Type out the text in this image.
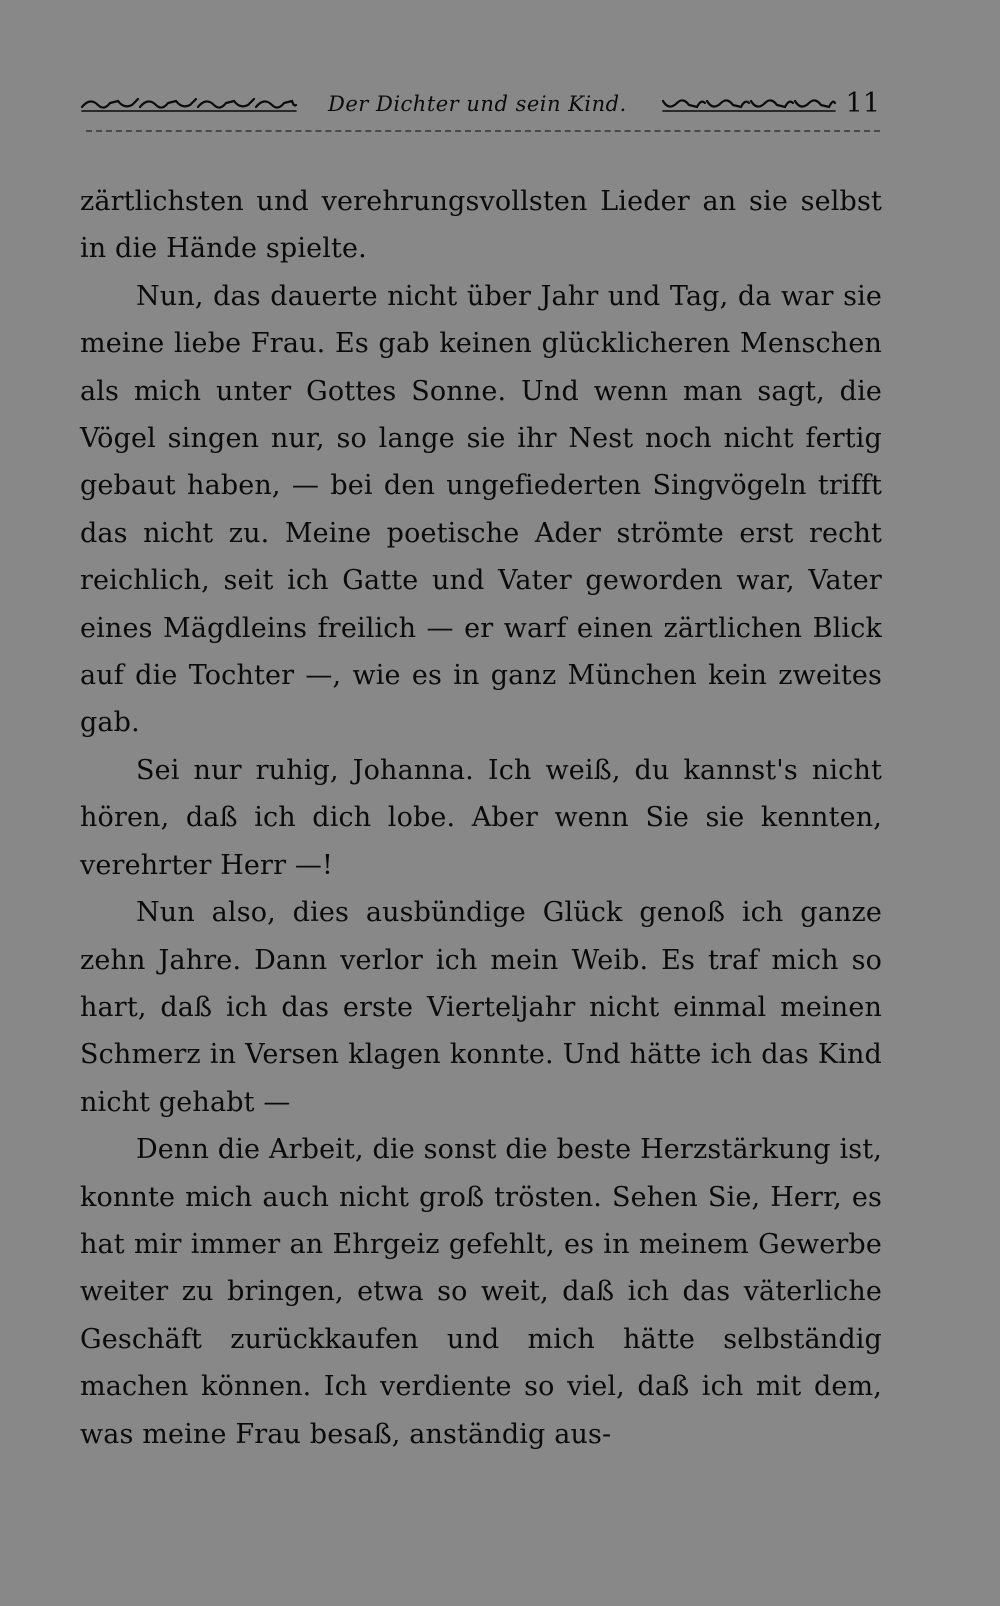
Der Dichter und sein Kind.	11

zärtlichsten und verehrungsvollsten Lieder an sie selbst in die Hände spielte.

Nun, das dauerte nicht über Jahr und Tag, da war sie meine liebe Frau. Es gab keinen glücklicheren Menschen als mich unter Gottes Sonne. Und wenn man sagt, die Vögel singen nur, so lange sie ihr Nest noch nicht fertig gebaut haben, — bei den ungefiederten Singvögeln trifft das nicht zu. Meine poetische Ader strömte erst recht reichlich, seit ich Gatte und Vater geworden war, Vater eines Mägdleins freilich — er warf einen zärtlichen Blick auf die Tochter —, wie es in ganz München kein zweites gab.

Sei nur ruhig, Johanna. Ich weiß, du kannst's nicht hören, daß ich dich lobe. Aber wenn Sie sie kennten, verehrter Herr —!

Nun also, dies ausbündige Glück genoß ich ganze zehn Jahre. Dann verlor ich mein Weib. Es traf mich so hart, daß ich das erste Vierteljahr nicht einmal meinen Schmerz in Versen klagen konnte. Und hätte ich das Kind nicht gehabt —

Denn die Arbeit, die sonst die beste Herzstärkung ist, konnte mich auch nicht groß trösten. Sehen Sie, Herr, es hat mir immer an Ehrgeiz gefehlt, es in meinem Gewerbe weiter zu bringen, etwa so weit, daß ich das väterliche Geschäft zurückkaufen und mich hätte selbständig machen können. Ich verdiente so viel, daß ich mit dem, was meine Frau besaß, anständig aus-
